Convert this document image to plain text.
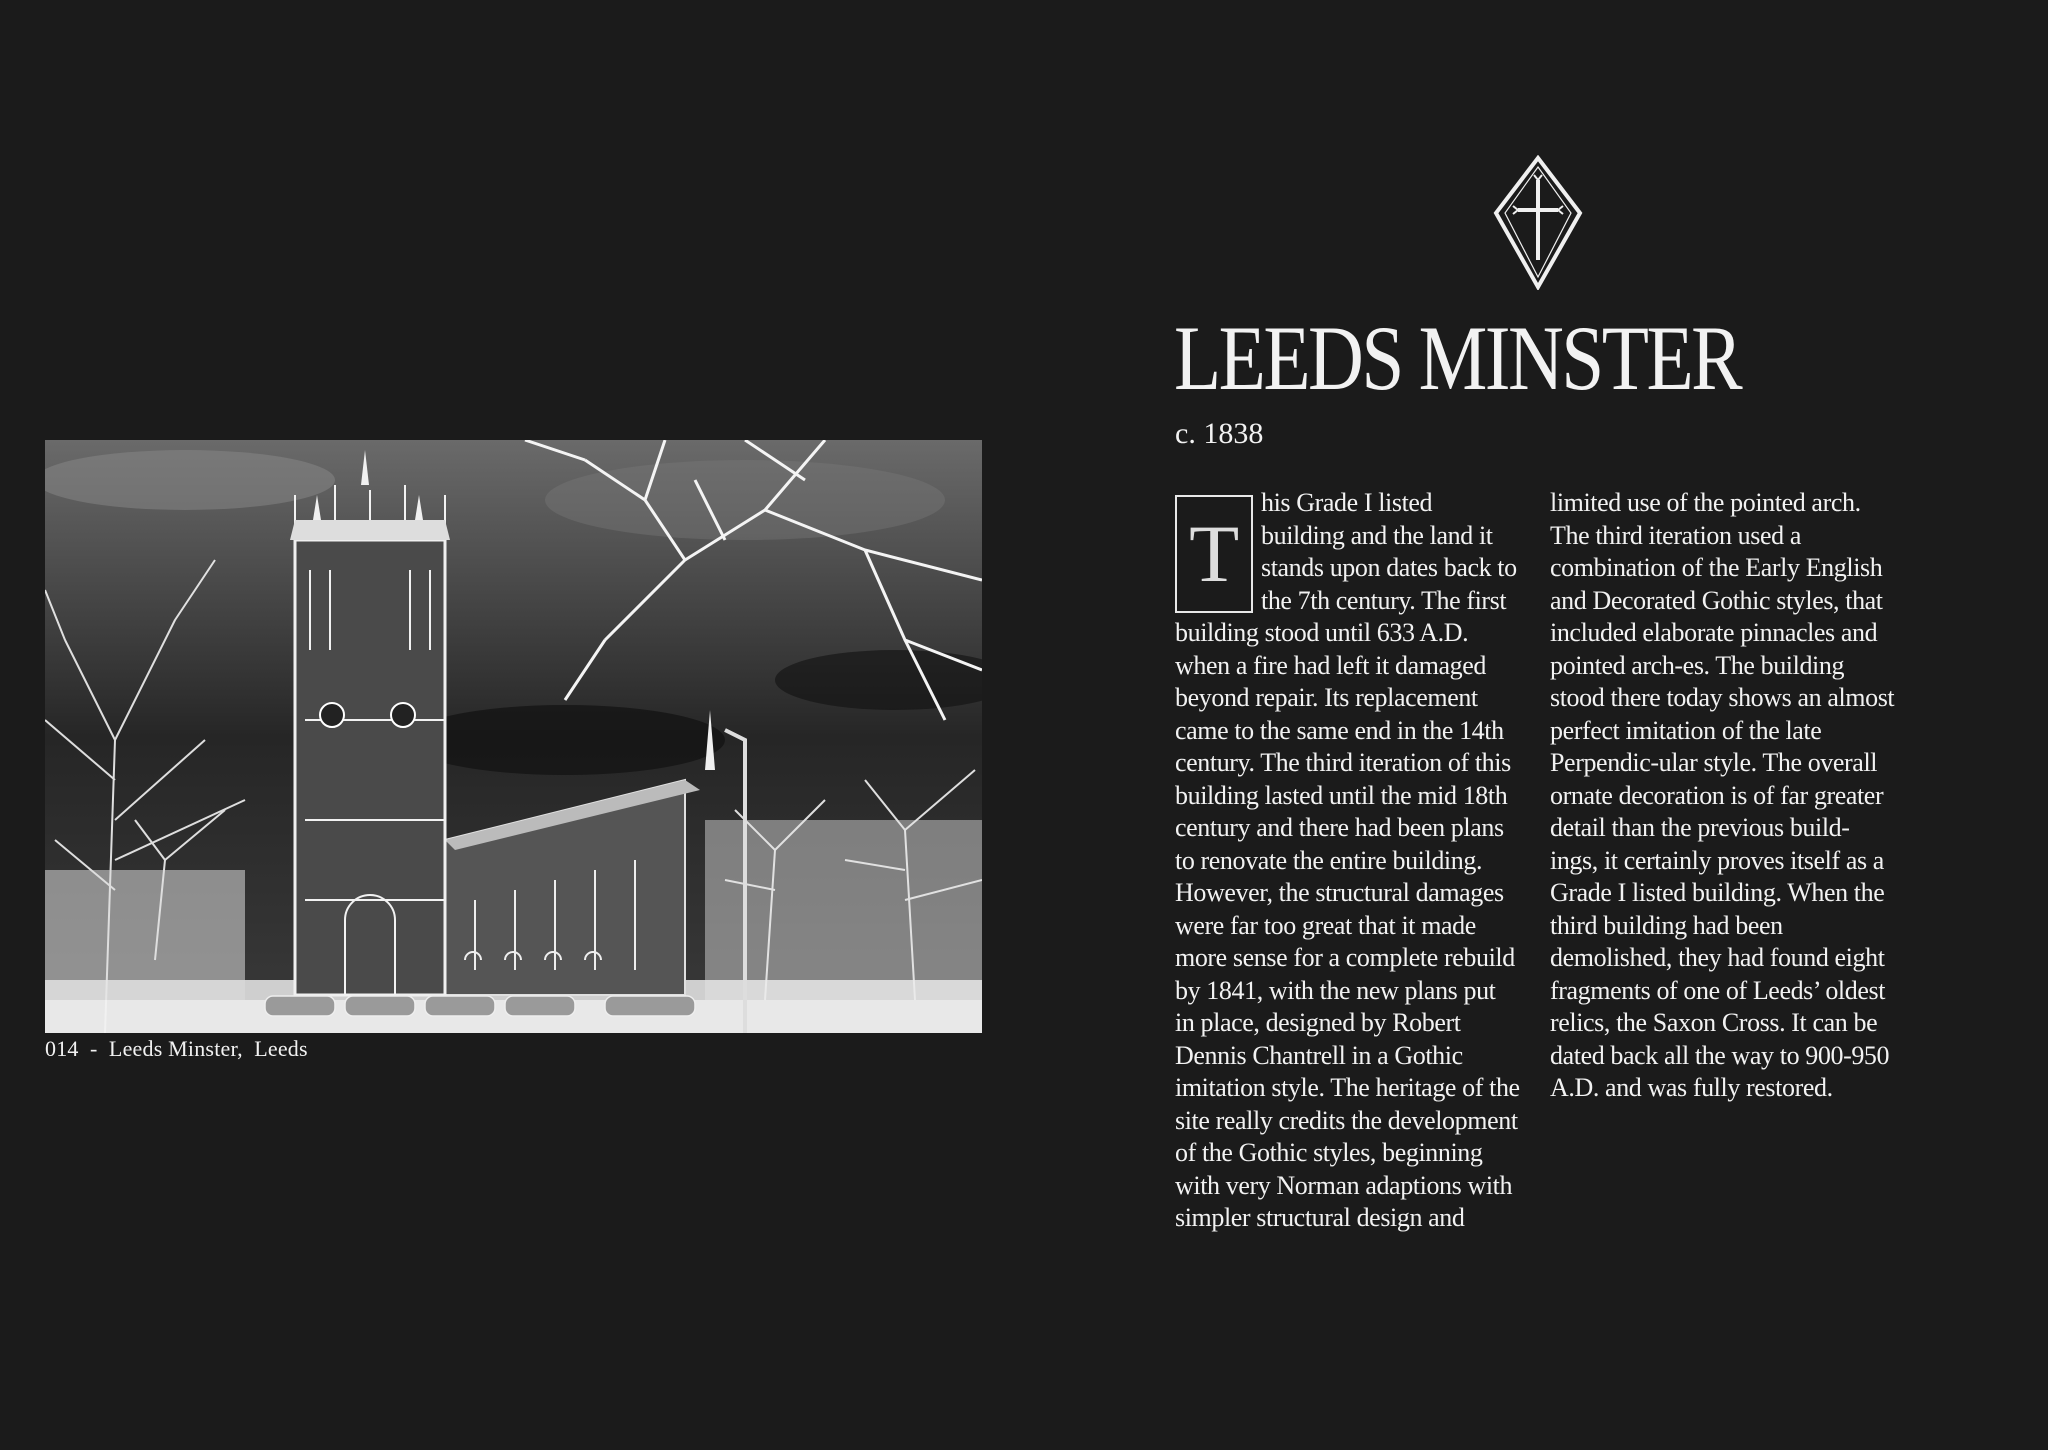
014  -  Leeds Minster,  Leeds
LEEDS MINSTER
c. 1838
T

his Grade I listed building and the land it stands upon dates back to the 7th century. The first building stood until 633 A.D. when a fire had left it damaged beyond repair. Its replacement came to the same end in the 14th century. The third iteration of this building lasted until the mid 18th century and there had been plans to renovate the entire building. However, the structural damages were far too great that it made more sense for a complete rebuild by 1841, with the new plans put in place, designed by Robert Dennis Chantrell in a Gothic imitation style. The heritage of the site really credits the development of the Gothic styles, beginning with very Norman adaptions with simpler structural design and limited use of the pointed arch. The third iteration used a combination of the Early English and Decorated Gothic styles, that included elaborate pinnacles and pointed arch-es. The building stood there today shows an almost perfect imitation of the late Perpendic-ular style. The overall ornate decoration is of far greater detail than the previous build-ings, it certainly proves itself as a Grade I listed building. When the third building had been demolished, they had found eight fragments of one of Leeds’ oldest relics, the Saxon Cross. It can be dated back all the way to 900-950 A.D. and was fully restored.
